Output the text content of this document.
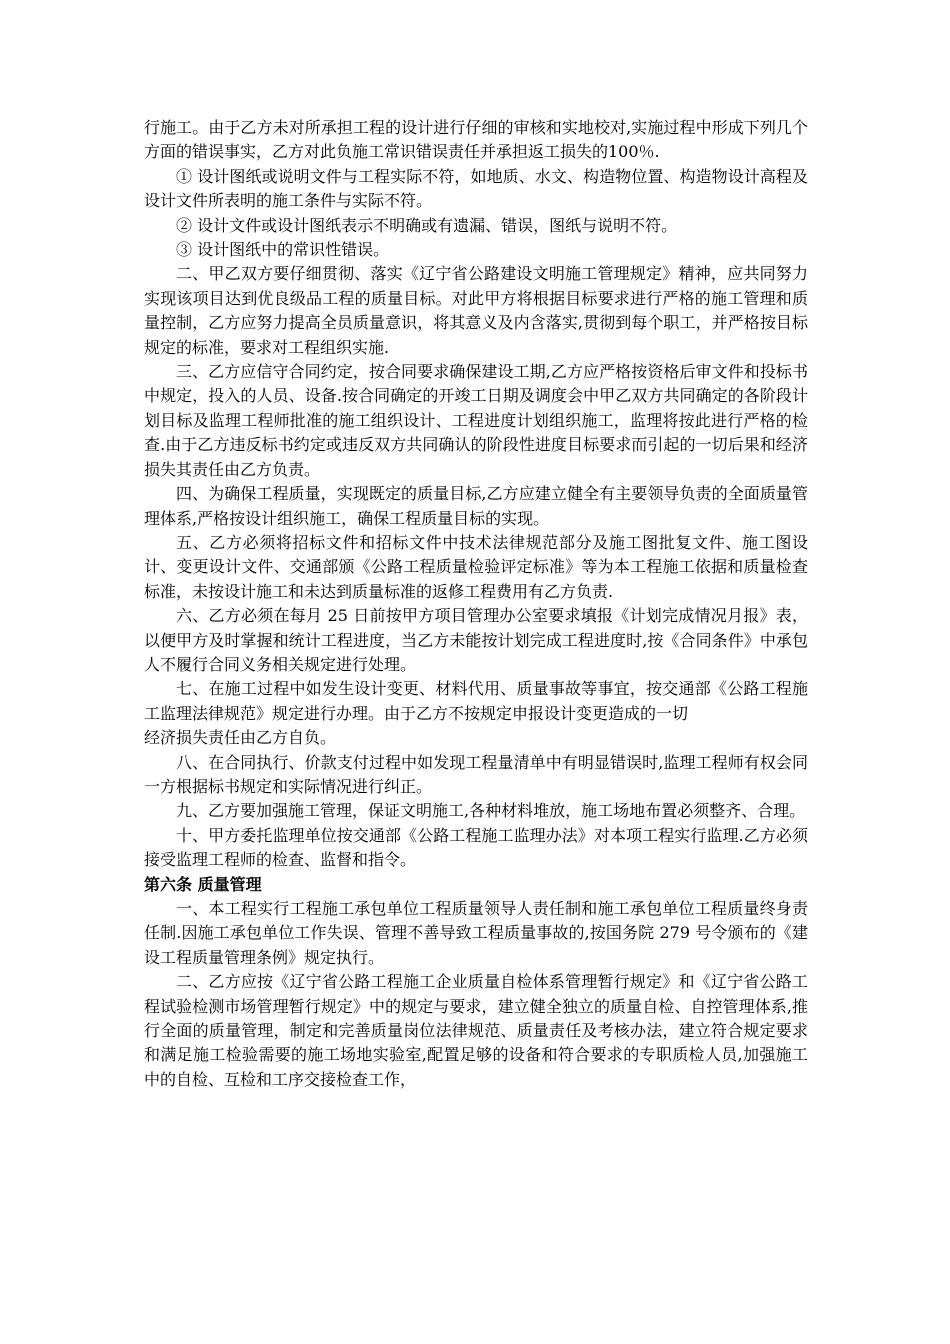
行施工。由于乙方未对所承担工程的设计进行仔细的审核和实地校对,实施过程中形成下列几个方面的错误事实，乙方对此负施工常识错误责任并承担返工损失的100％.

① 设计图纸或说明文件与工程实际不符，如地质、水文、构造物位置、构造物设计高程及设计文件所表明的施工条件与实际不符。

② 设计文件或设计图纸表示不明确或有遗漏、错误，图纸与说明不符。

③ 设计图纸中的常识性错误。

二、甲乙双方要仔细贯彻、落实《辽宁省公路建设文明施工管理规定》精神，应共同努力实现该项目达到优良级品工程的质量目标。对此甲方将根据目标要求进行严格的施工管理和质量控制，乙方应努力提高全员质量意识，将其意义及内含落实,贯彻到每个职工，并严格按目标规定的标准，要求对工程组织实施.

三、乙方应信守合同约定，按合同要求确保建设工期,乙方应严格按资格后审文件和投标书中规定，投入的人员、设备.按合同确定的开竣工日期及调度会中甲乙双方共同确定的各阶段计划目标及监理工程师批准的施工组织设计、工程进度计划组织施工，监理将按此进行严格的检查.由于乙方违反标书约定或违反双方共同确认的阶段性进度目标要求而引起的一切后果和经济损失其责任由乙方负责。

四、为确保工程质量，实现既定的质量目标,乙方应建立健全有主要领导负责的全面质量管理体系,严格按设计组织施工，确保工程质量目标的实现。

五、乙方必须将招标文件和招标文件中技术法律规范部分及施工图批复文件、施工图设计、变更设计文件、交通部颁《公路工程质量检验评定标准》等为本工程施工依据和质量检查标准，未按设计施工和未达到质量标准的返修工程费用有乙方负责.

六、乙方必须在每月 25 日前按甲方项目管理办公室要求填报《计划完成情况月报》表，以便甲方及时掌握和统计工程进度，当乙方未能按计划完成工程进度时,按《合同条件》中承包人不履行合同义务相关规定进行处理。

七、在施工过程中如发生设计变更、材料代用、质量事故等事宜，按交通部《公路工程施工监理法律规范》规定进行办理。由于乙方不按规定申报设计变更造成的一切

经济损失责任由乙方自负。

八、在合同执行、价款支付过程中如发现工程量清单中有明显错误时,监理工程师有权会同一方根据标书规定和实际情况进行纠正。

九、乙方要加强施工管理，保证文明施工,各种材料堆放，施工场地布置必须整齐、合理。

十、甲方委托监理单位按交通部《公路工程施工监理办法》对本项工程实行监理.乙方必须接受监理工程师的检查、监督和指令。

第六条 质量管理

一、本工程实行工程施工承包单位工程质量领导人责任制和施工承包单位工程质量终身责任制.因施工承包单位工作失误、管理不善导致工程质量事故的,按国务院 279 号令颁布的《建设工程质量管理条例》规定执行。

二、乙方应按《辽宁省公路工程施工企业质量自检体系管理暂行规定》和《辽宁省公路工程试验检测市场管理暂行规定》中的规定与要求，建立健全独立的质量自检、自控管理体系,推行全面的质量管理，制定和完善质量岗位法律规范、质量责任及考核办法，建立符合规定要求和满足施工检验需要的施工场地实验室,配置足够的设备和符合要求的专职质检人员,加强施工中的自检、互检和工序交接检查工作，
